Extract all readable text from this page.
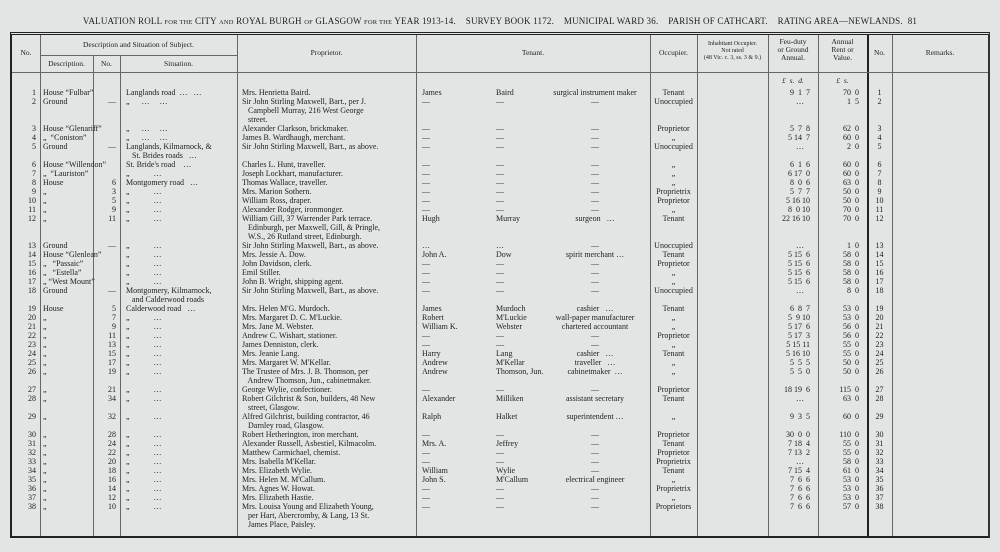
VALUATION ROLL FOR THE CITY AND ROYAL BURGH OF GLASGOW FOR THE YEAR 1913-14. SURVEY BOOK 1172. MUNICIPAL WARD 36. PARISH OF CATHCART. RATING AREA—NEWLANDS. 81
No.
Description and Situation of Subject.
Description.	No.	Situation.
Proprietor.	Tenant.	Occupier.
Inhabitant Occupier.
Not rated
(48 Vic. c. 3, ss. 3 & 9.)
Feu-duty
or Ground
Annual.
Annual
Rent or
Value.
No.	Remarks.
£  s.  d.	£  s.
1 House “Fulbar”	Langlands road  …   …	Mrs. Henrietta Baird.	James	Baird	surgical instrument maker	Tenant	9  1  7	70  0	1
2 Ground	—	„      …     …	Sir John Stirling Maxwell, Bart., per J.
Campbell Murray, 216 West George
street.
—	—	—	Unoccupied	…	1  5	2
3 House “Glenariff”	„      …     …	Alexander Clarkson, brickmaker.	—	—	—	Proprietor	5  7  8	62  0	3
4 „  “Coniston”	„      …     …	James B. Wardhaugh, merchant.	—	—	—	„	5 14  7	60  0	4
5 Ground	—	Langlands, Kilmarnock, &
St. Brides roads   …
Sir John Stirling Maxwell, Bart., as above.	—	—	—	Unoccupied	…	2  0	5
6 House “Willendon”	St. Bride's road    …	Charles L. Hunt, traveller.	—	—	—	„	6  1  6	60  0	6
7 „  “Lauriston”	„            …	Joseph Lockhart, manufacturer.	—	—	—	„	6 17  0	60  0	7
8 House	6	Montgomery road   …	Thomas Wallace, traveller.	—	—	—	„	8  0  6	63  0	8
9 „	3	„            …	Mrs. Marion Sothern.	—	—	—	Proprietrix	5  7  7	50  0	9
10 „	5	„            …	William Ross, draper.	—	—	—	Proprietor	5 16 10	50  0	10
11 „	9	„            …	Alexander Rodger, ironmonger.	—	—	—	„	8  0 10	70  0	11
12 „	11	„            …	William Gill, 37 Warrender Park terrace.
Edinburgh, per Maxwell, Gill, & Pringle,
W.S., 26 Rutland street, Edinburgh.
Hugh	Murray	surgeon   …	Tenant	22 16 10	70  0	12
13 Ground	—	„            …	Sir John Stirling Maxwell, Bart., as above.	…	…	—	Unoccupied	…	1  0	13
14 House “Glenlean”	„            …	Mrs. Jessie A. Dow.	John A.	Dow	spirit merchant …	Tenant	5 15  6	58  0	14
15 „   “Passaic”	„            …	John Davidson, clerk.	—	—	—	Proprietor	5 15  6	58  0	15
16 „   “Estella”	„            …	Emil Stiller.	—	—	—	„	5 15  6	58  0	16
17 „ “West Mount”	„            …	John B. Wright, shipping agent.	—	—	—	„	5 15  6	58  0	17
18 Ground	—	Montgomery, Kilmarnock,
and Calderwood roads
Sir John Stirling Maxwell, Bart., as above.	—	—	—	Unoccupied	…	8  0	18
19 House	5	Calderwood road   …	Mrs. Helen M'G. Murdoch.	James	Murdoch	cashier   …	Tenant	6  8  7	53  0	19
20 „	7	„            …	Mrs. Margaret D. C. M'Luckie.	Robert	M'Luckie	wall-paper manufacturer	„	5  9 10	53  0	20
21 „	9	„            …	Mrs. Jane M. Webster.	William K.	Webster	chartered accountant	„	5 17  6	56  0	21
22 „	11	„            …	Andrew C. Wishart, stationer.	—	—	—	Proprietor	5 17  3	56  0	22
23 „	13	„            …	James Denniston, clerk.	—	—	—	„	5 15 11	55  0	23
24 „	15	„            …	Mrs. Jeanie Lang.	Harry	Lang	cashier   …	Tenant	5 16 10	55  0	24
25 „	17	„            …	Mrs. Margaret W. M'Kellar.	Andrew	M'Kellar	traveller   …	„	5  5  5	50  0	25
26 „	19	„            …	The Trustee of Mrs. J. B. Thomson, per
Andrew Thomson, Jun., cabinetmaker.
Andrew	Thomson, Jun.	cabinetmaker  …	„	5  5  0	50  0	26
27 „	21	„            …	George Wylie, confectioner.	—	—	—	Proprietor	18 19  6	115  0	27
28 „	34	„            …	Robert Gilchrist & Son, builders, 48 New
street, Glasgow.
Alexander	Milliken	assistant secretary	Tenant	…	63  0	28
29 „	32	„            …	Alfred Gilchrist, building contractor, 46
Darnley road, Glasgow.
Ralph	Halket	superintendent …	„	9  3  5	60  0	29
30 „	28	„            …	Robert Hetherington, iron merchant.	—	—	—	Proprietor	30  0  0	110  0	30
31 „	24	„            …	Alexander Russell, Asbestiel, Kilmacolm.	Mrs. A.	Jeffrey	—	Tenant	7 18  4	55  0	31
32 „	22	„            …	Matthew Carmichael, chemist.	—	—	—	Proprietor	7 13  2	55  0	32
33 „	20	„            …	Mrs. Isabella M'Kellar.	—	—	—	Proprietrix	…	58  0	33
34 „	18	„            …	Mrs. Elizabeth Wylie.	William	Wylie	—	Tenant	7 15  4	61  0	34
35 „	16	„            …	Mrs. Helen M. M'Callum.	John S.	M'Callum	electrical engineer	„	7  6  6	53  0	35
36 „	14	„            …	Mrs. Agnes W. Howat.	—	—	—	Proprietrix	7  6  6	53  0	36
37 „	12	„            …	Mrs. Elizabeth Hastie.	—	—	—	„	7  6  6	53  0	37
38 „	10	„            …	Mrs. Louisa Young and Elizabeth Young,
per Hart, Abercromby, & Lang, 13 St.
James Place, Paisley.
—	—	—	Proprietors	7  6  6	57  0	38
